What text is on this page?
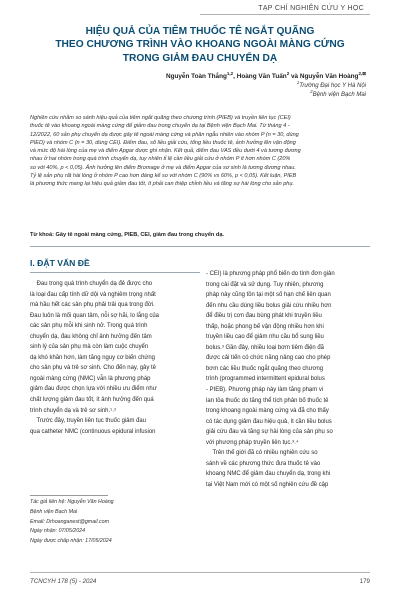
TẠP CHÍ NGHIÊN CỨU Y HỌC
HIỆU QUẢ CỦA TIÊM THUỐC TÊ NGẮT QUÃNG
THEO CHƯƠNG TRÌNH VÀO KHOANG NGOÀI MÀNG CỨNG
TRONG GIẢM ĐAU CHUYỂN DẠ
Nguyễn Toàn Thắng$^{1,2}$, Hoàng Văn Tuấn$^2$ và Nguyễn Văn Hoàng$^{2,⊠}$
$^1$Trường Đại học Y Hà Nội
$^2$Bệnh viện Bạch Mai
Nghiên cứu nhằm so sánh hiệu quả của tiêm ngắt quãng theo chương trình (PIEB) và truyền liên tục (CEI)
thuốc tê vào khoang ngoài màng cứng để giảm đau trong chuyển dạ tại Bệnh viện Bạch Mai. Từ tháng 4 -
12/2022, 60 sản phụ chuyển dạ được gây tê ngoài màng cứng và phân ngẫu nhiên vào nhóm P (n = 30, dùng
PIED) và nhóm C (n = 30, dùng CEI). Điểm đau, số liều giải cứu, tổng liều thuốc tê, ảnh hưởng lên vận động
và mức độ hài lòng của mẹ và điểm Apgar được ghi nhận. Kết quả, điểm đau VAS đều dưới 4 và tương đương
nhau ở hai nhóm trong quá trình chuyển dạ, tuy nhiên tỉ lệ cần liều giải cứu ở nhóm P ít hơn nhóm C (20%
so với 40%, p < 0,05). Ảnh hưởng lên điểm Bromage ở mẹ và điểm Apgar của sơ sinh là tương đương nhau.
Tỷ lệ sản phụ rất hài lòng ở nhóm P cao hơn đáng kể so với nhóm C (90% vs 60%, p < 0,05). Kết luận, PIEB
là phương thức mang lại hiệu quả giảm đau tốt, ít phải can thiệp chỉnh liều và tăng sự hài lòng cho sản phụ.
Từ khoá: Gây tê ngoài màng cứng, PIEB, CEI, giảm đau trong chuyển dạ.
I. ĐẶT VẤN ĐỀ
Đau trong quá trình chuyển dạ đẻ được cho
là loại đau cấp tính dữ dội và nghiêm trọng nhất
mà hầu hết các sản phụ phải trải qua trong đời.
Đau luôn là mối quan tâm, nỗi sợ hãi, lo lắng của
các sản phụ mỗi khi sinh nở. Trong quá trình
chuyển dạ, đau không chỉ ảnh hưởng đến tâm
sinh lý của sản phụ mà còn làm cuộc chuyển
dạ khó khăn hơn, làm tăng nguy cơ biến chứng
cho sản phụ và trẻ sơ sinh. Cho đến nay, gây tê
ngoài màng cứng (NMC) vẫn là phương pháp
giảm đau được chọn lựa với nhiều ưu điểm như
chất lượng giảm đau tốt, ít ảnh hưởng đến quá
trình chuyển dạ và trẻ sơ sinh.¹˒²
Trước đây, truyền liên tục thuốc giảm đau
qua catheter NMC (continuous epidural infusion
- CEI) là phương pháp phổ biến do tính đơn giản
trong cài đặt và sử dụng. Tuy nhiên, phương
pháp này cũng tồn tại một số hạn chế liên quan
đến nhu cầu dùng liều bolus giải cứu nhiều hơn
để điều trị cơn đau bùng phát khi truyền liều
thấp, hoặc phong bế vận động nhiều hơn khi
truyền liều cao để giảm nhu cầu bổ sung liều
bolus.³ Gần đây, nhiều loại bơm tiêm điện đã
được cải tiến có chức năng nâng cao cho phép
bơm các liều thuốc ngắt quãng theo chương
trình (programmed intermittent epidural bolus
- PIEB). Phương pháp này làm tăng phạm vi
lan tỏa thuốc do tăng thể tích phân bố thuốc tê
trong khoang ngoài màng cứng và đã cho thấy
có tác dụng giảm đau hiệu quả, ít cần liều bolus
giải cứu đau và tăng sự hài lòng của sản phụ so
với phương pháp truyền liên tục.³˒⁴
Trên thế giới đã có nhiều nghiên cứu so
sánh về các phương thức đưa thuốc tê vào
khoang NMC để giảm đau chuyển dạ, trong khi
tại Việt Nam mới có một số nghiên cứu đề cập
Tác giả liên hệ: Nguyễn Văn Hoàng
Bệnh viện Bạch Mai
Email: Drhoanganest@gmail.com
Ngày nhận: 07/05/2024
Ngày được chấp nhận: 17/05/2024
TCNCYH 178 (5) - 2024	179
